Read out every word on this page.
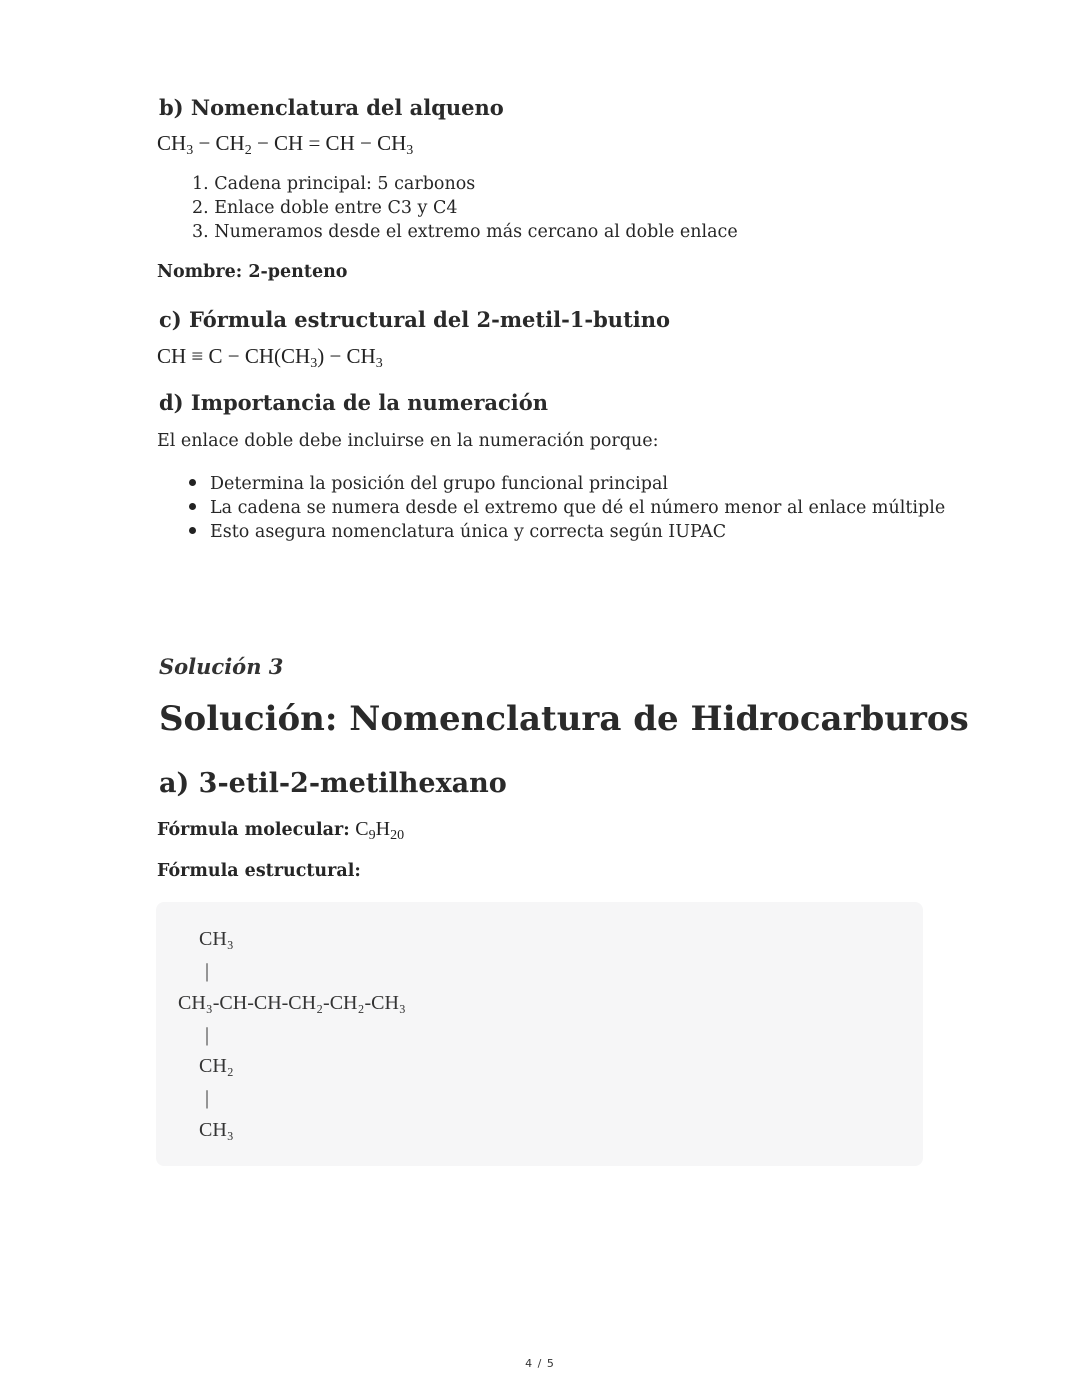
b) Nomenclatura del alqueno
$CH_3 - CH_2$ − CH = CH − $CH_3$
1. Cadena principal: 5 carbonos
2. Enlace doble entre C3 y C4
3. Numeramos desde el extremo más cercano al doble enlace
Nombre: 2-penteno
c) Fórmula estructural del 2-metil-1-butino
CH ≡ $C - CH(CH_3) - CH_3$
d) Importancia de la numeración
El enlace doble debe incluirse en la numeración porque:
Determina la posición del grupo funcional principal
La cadena se numera desde el extremo que dé el número menor al enlace múltiple
Esto asegura nomenclatura única y correcta según IUPAC
Solución 3
Solución: Nomenclatura de Hidrocarburos
a) 3-etil-2-metilhexano
Fórmula molecular: $C_9H_{20}$
Fórmula estructural:
CH₃
|
CH₃-CH-CH-CH₂-CH₂-CH₃
|
CH₂
|
CH₃
4 / 5
